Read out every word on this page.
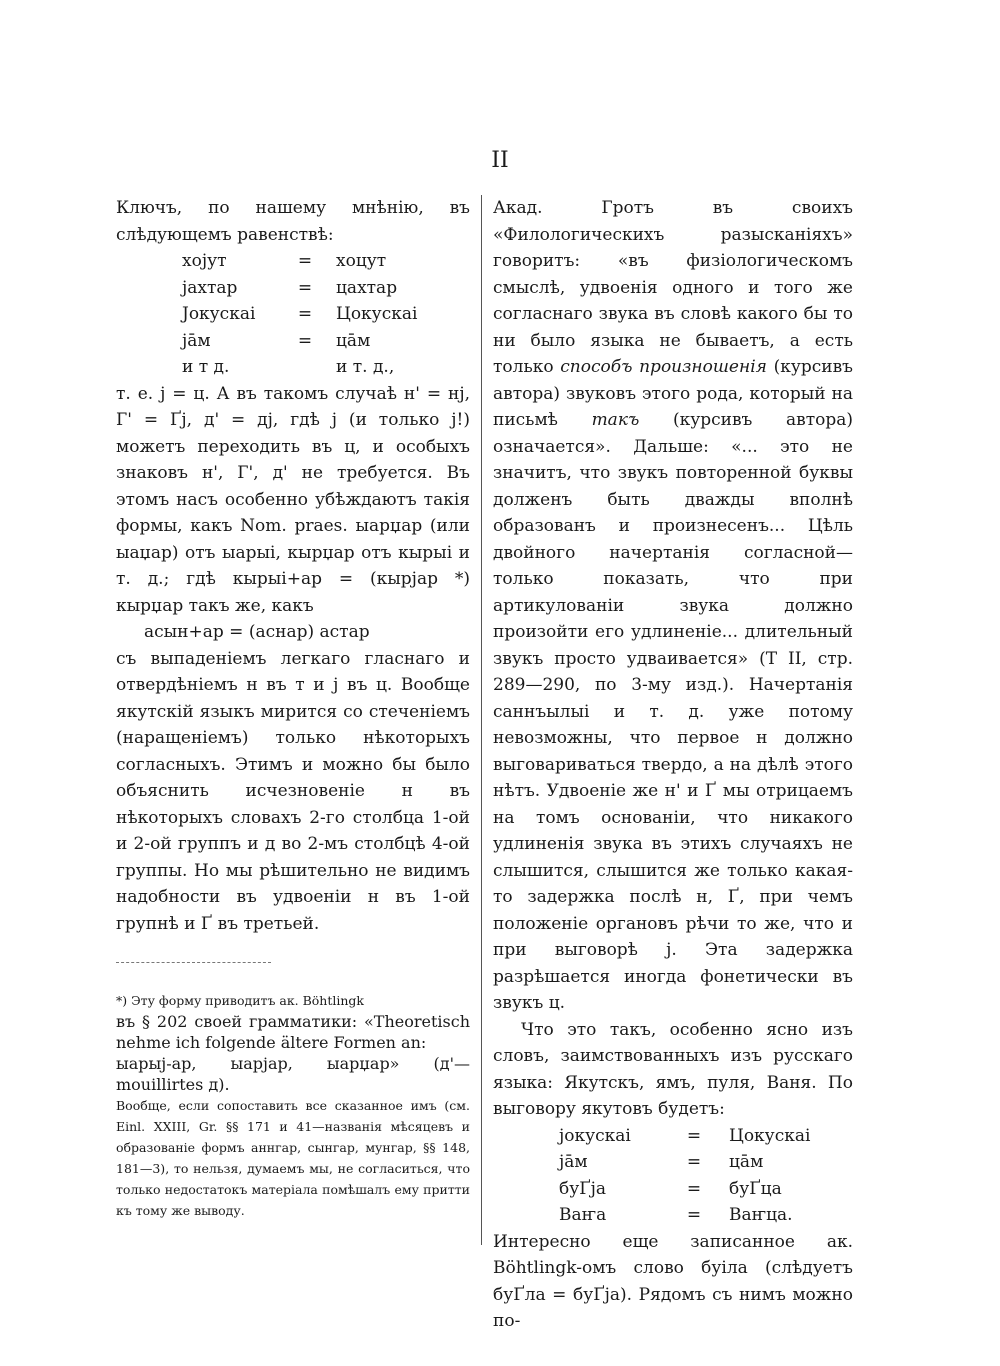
II

Ключъ, по нашему мнѣнію, въ слѣдующемъ равенствѣ:

хојут	=	хоцут
јахтар	=	цахтар
Јокускаі	=	Цокускаі
јāм	=	цāм
и т д.	и т. д.,

т. е. ј = ц. А въ такомъ случаѣ н' = нј, Г' = Ґј, д' = дј, гдѣ ј (и только ј!) можетъ переходить въ ц, и особыхъ знаковъ н', Г', д' не требуется. Въ этомъ насъ особенно убѣждаютъ такія формы, какъ Nom. praes. ыарџар (или ыаџар) отъ ыарыі, кырџар отъ кырыі и т. д.; гдѣ кырыі+ар = (кырјар *) кырџар такъ же, какъ

асын+ар = (аснар) астар

съ выпаденіемъ легкаго гласнаго и отвердѣніемъ н въ т и ј въ ц. Вообще якутскій языкъ мирится со стеченіемъ (наращеніемъ) только нѣкоторыхъ согласныхъ. Этимъ и можно бы было объяснить исчезновеніе н въ нѣкоторыхъ словахъ 2-го столбца 1-ой и 2-ой группъ и д во 2-мъ столбцѣ 4-ой группы. Но мы рѣшительно не видимъ надобности въ удвоеніи н въ 1-ой групнѣ и Ґ въ третьей.

*) Эту форму приводитъ ак. Böhtlingk
въ § 202 своей грамматики: «Theoretisch nehme ich folgende ältere Formen an:
ыарыј-ар, ыарјар, ыарџар» (д'—mouillirtes д).
Вообще, если сопоставить все сказанное имъ (см. Einl. XXIII, Gr. §§ 171 и 41—названія мѣсяцевъ и образованіе формъ аннгар, сынгар, мунгар, §§ 148, 181—3), то нельзя, думаемъ мы, не согласиться, что только недостатокъ матеріала помѣшалъ ему притти къ тому же выводу.

Акад. Гротъ въ своихъ «Филологическихъ разысканіяхъ» говоритъ: «въ физіологическомъ смыслѣ, удвоенія одного и того же согласнаго звука въ словѣ какого бы то ни было языка не бываетъ, а есть только способъ произношенія (курсивъ автора) звуковъ этого рода, который на письмѣ такъ (курсивъ автора) означается». Дальше: «... это не значитъ, что звукъ повторенной буквы долженъ быть дважды вполнѣ образованъ и произнесенъ... Цѣль двойного начертанія согласной—только показать, что при артикулованіи звука должно произойти его удлиненіе... длительный звукъ просто удваивается» (Т II, стр. 289—290, по 3-му изд.). Начертанія саннъылыі и т. д. уже потому невозможны, что первое н должно выговариваться твердо, а на дѣлѣ этого нѣтъ. Удвоеніе же н' и Ґ мы отрицаемъ на томъ основаніи, что никакого удлиненія звука въ этихъ случаяхъ не слышится, слышится же только какая-то задержка послѣ н, Ґ, при чемъ положеніе органовъ рѣчи то же, что и при выговорѣ ј. Эта задержка разрѣшается иногда фонетически въ звукъ ц.

Что это такъ, особенно ясно изъ словъ, заимствованныхъ изъ русскаго языка: Якутскъ, ямъ, пуля, Ваня. По выговору якутовъ будетъ:

јокускаі	=	Цокускаі
јāм	=	цāм
буҐја	=	буҐца
Ваҥа	=	Ваҥца.

Интересно еще записанное ак. Böhtlingk-омъ слово буіла (слѣдуетъ буҐла = буҐја). Рядомъ съ нимъ можно по-
